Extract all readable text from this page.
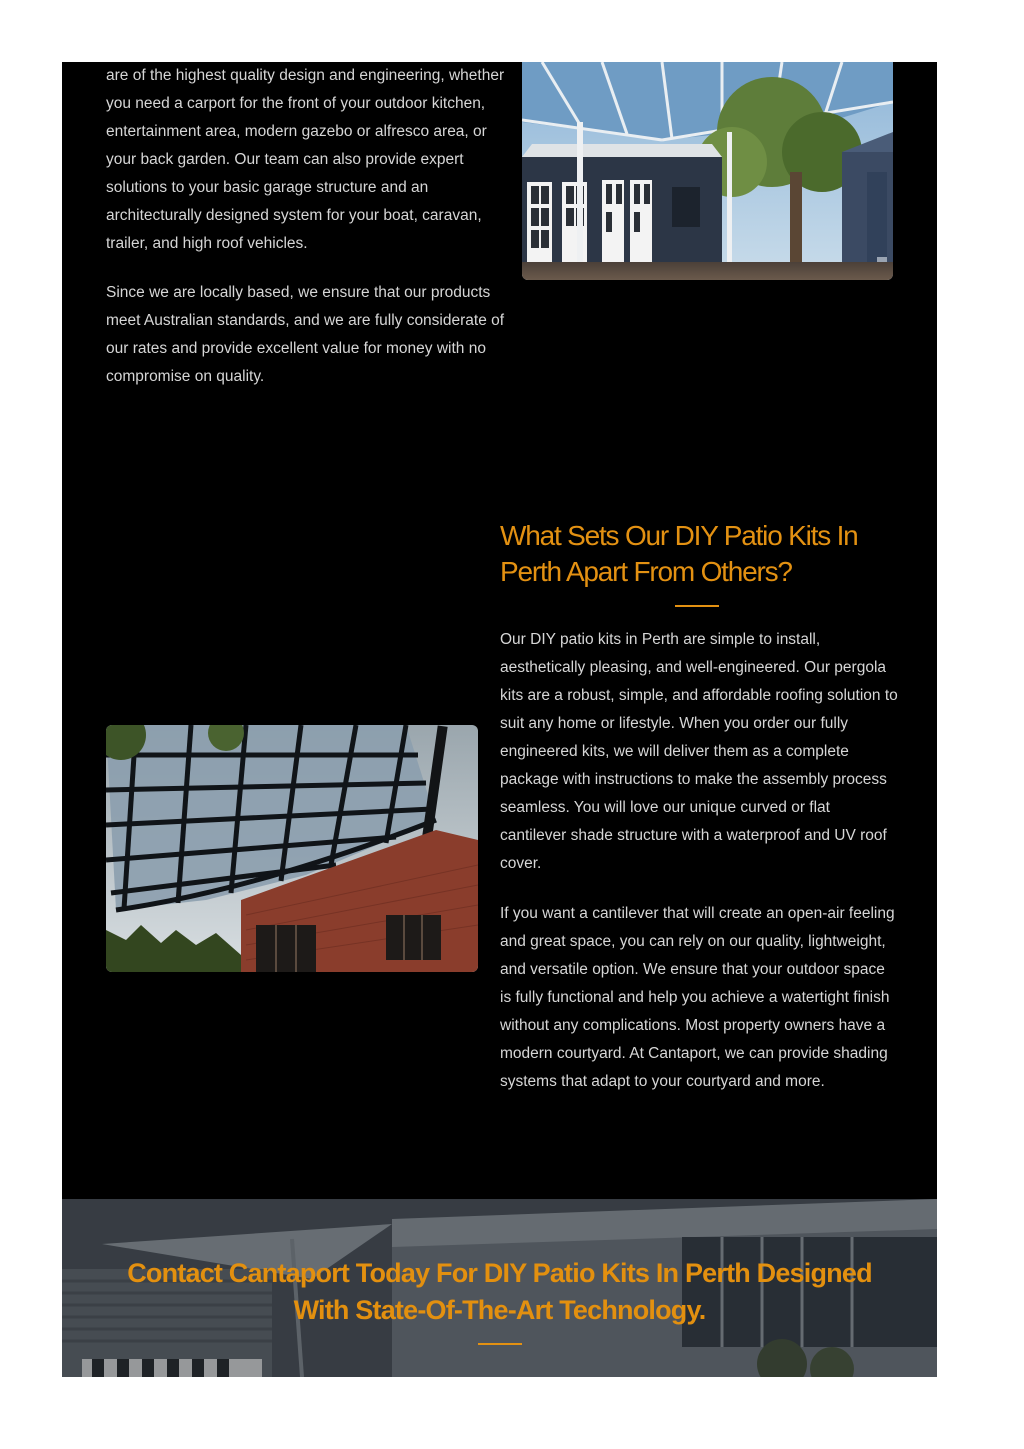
are of the highest quality design and engineering, whether you need a carport for the front of your outdoor kitchen, entertainment area, modern gazebo or alfresco area, or your back garden. Our team can also provide expert solutions to your basic garage structure and an architecturally designed system for your boat, caravan, trailer, and high roof vehicles.

Since we are locally based, we ensure that our products meet Australian standards, and we are fully considerate of our rates and provide excellent value for money with no compromise on quality.

What Sets Our DIY Patio Kits In Perth Apart From Others?

Our DIY patio kits in Perth are simple to install, aesthetically pleasing, and well-engineered. Our pergola kits are a robust, simple, and affordable roofing solution to suit any home or lifestyle. When you order our fully engineered kits, we will deliver them as a complete package with instructions to make the assembly process seamless. You will love our unique curved or flat cantilever shade structure with a waterproof and UV roof cover.

If you want a cantilever that will create an open-air feeling and great space, you can rely on our quality, lightweight, and versatile option. We ensure that your outdoor space is fully functional and help you achieve a watertight finish without any complications. Most property owners have a modern courtyard. At Cantaport, we can provide shading systems that adapt to your courtyard and more.

Contact Cantaport Today For DIY Patio Kits In Perth Designed With State-Of-The-Art Technology.
